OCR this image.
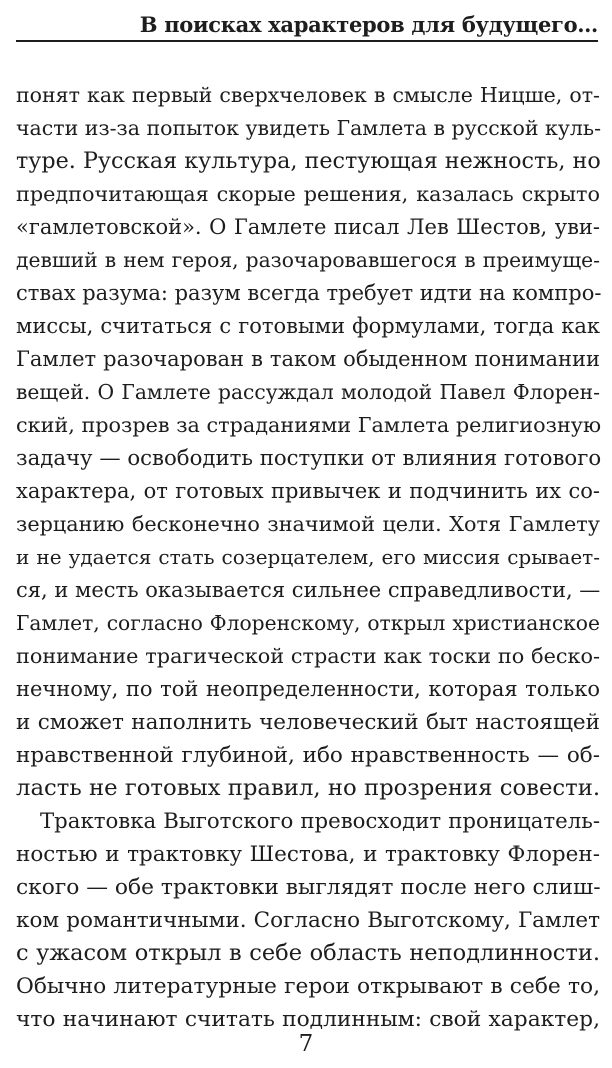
В поисках характеров для будущего…
понят как первый сверхчеловек в смысле Ницше, от-
части из-за попыток увидеть Гамлета в русской куль-
туре. Русская культура, пестующая нежность, но
предпочитающая скорые решения, казалась скрыто
«гамлетовской». О Гамлете писал Лев Шестов, уви-
девший в нем героя, разочаровавшегося в преимуще-
ствах разума: разум всегда требует идти на компро-
миссы, считаться с готовыми формулами, тогда как
Гамлет разочарован в таком обыденном понимании
вещей. О Гамлете рассуждал молодой Павел Флорен-
ский, прозрев за страданиями Гамлета религиозную
задачу — освободить поступки от влияния готового
характера, от готовых привычек и подчинить их со-
зерцанию бесконечно значимой цели. Хотя Гамлету
и не удается стать созерцателем, его миссия срывает-
ся, и месть оказывается сильнее справедливости, —
Гамлет, согласно Флоренскому, открыл христианское
понимание трагической страсти как тоски по беско-
нечному, по той неопределенности, которая только
и сможет наполнить человеческий быт настоящей
нравственной глубиной, ибо нравственность — об-
ласть не готовых правил, но прозрения совести.
Трактовка Выготского превосходит проницатель-
ностью и трактовку Шестова, и трактовку Флорен-
ского — обе трактовки выглядят после него слиш-
ком романтичными. Согласно Выготскому, Гамлет
с ужасом открыл в себе область неподлинности.
Обычно литературные герои открывают в себе то,
что начинают считать подлинным: свой характер,
7
